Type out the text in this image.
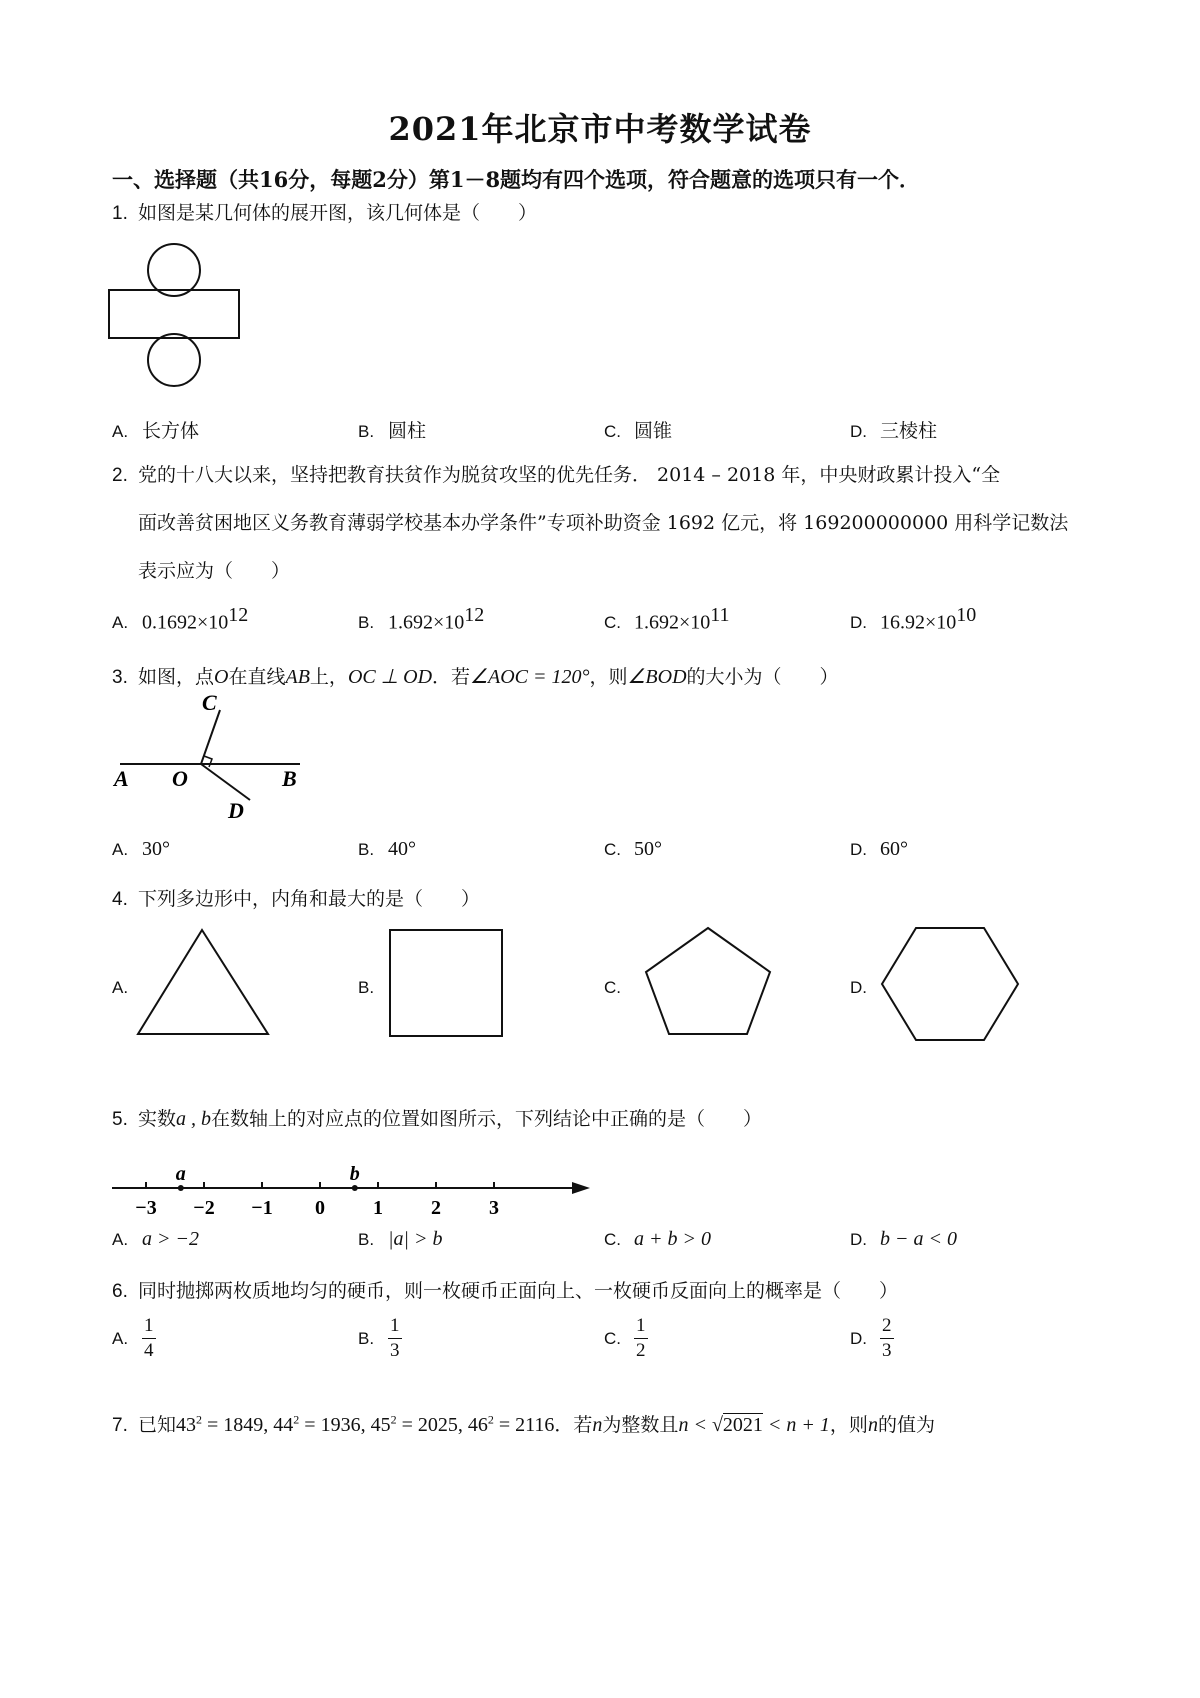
2021年北京市中考数学试卷
一、选择题（共16分，每题2分）第1－8题均有四个选项，符合题意的选项只有一个．
1. 如图是某几何体的展开图，该几何体是（　　）
A. 长方体	B. 圆柱	C. 圆锥	D. 三棱柱
2. 党的十八大以来，坚持把教育扶贫作为脱贫攻坚的优先任务． 2014 – 2018 年，中央财政累计投入“全
面改善贫困地区义务教育薄弱学校基本办学条件”专项补助资金 1692 亿元，将 169200000000 用科学记数法
表示应为（　　）
A. $0.1692\times 10^{12}$	B. $1.692\times 10^{12}$	C. $1.692\times 10^{11}$	D. $16.92\times 10^{10}$
3. 如图，点O在直线AB上，OC ⊥ OD．若∠AOC = 120°，则∠BOD的大小为（　　）
A O	B
C
D
A. 30°	B. 40°	C. 50°	D. 60°
4. 下列多边形中，内角和最大的是（　　）
A.	B.	C.	D.
5. 实数a , b在数轴上的对应点的位置如图所示，下列结论中正确的是（　　）
−3 −2 −1 0 1 2 3
a	b
A. a > −2	B. |a| > b	C. a + b > 0	D. b − a < 0
6. 同时抛掷两枚质地均匀的硬币，则一枚硬币正面向上、一枚硬币反面向上的概率是（　　）
A. $\frac{1}{4}$	B. $\frac{1}{3}$	C. $\frac{1}{2}$	D. $\frac{2}{3}$
7. 已知$43^2 = 1849$, $44^2 = 1936$, $45^2 = 2025$, $46^2 = 2116$．若n为整数且n < √2021 < n + 1，则n的值为
